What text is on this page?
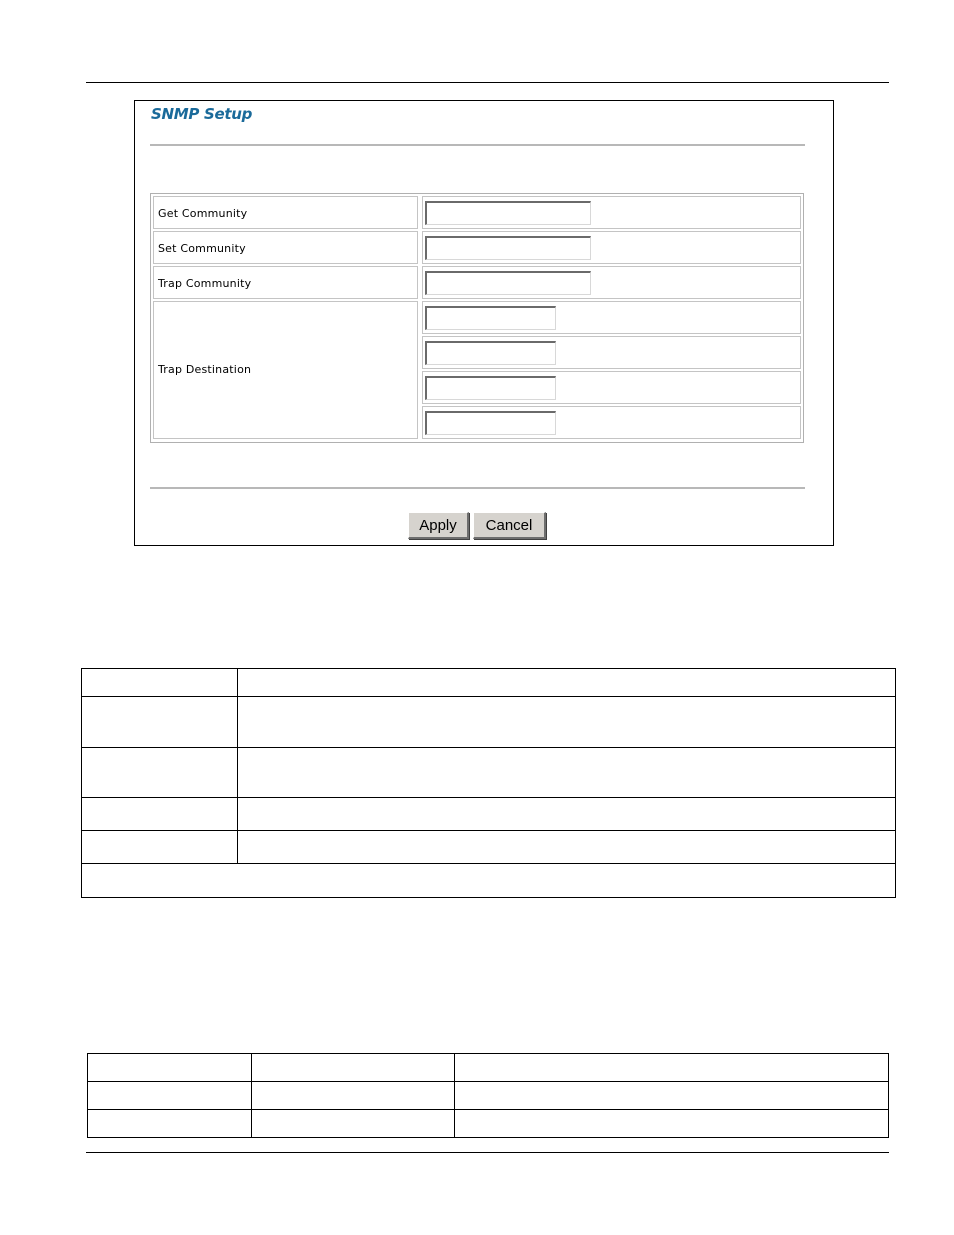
SNMP Setup
Get Community
Set Community
Trap Community
Trap Destination
Apply	Cancel
